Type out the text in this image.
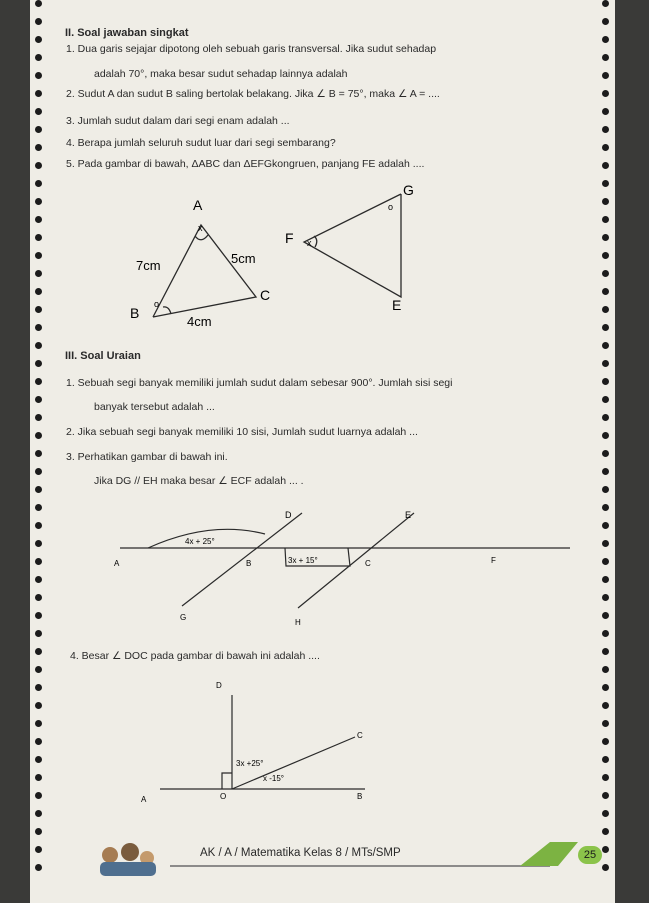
II. Soal jawaban singkat
1. Dua garis sejajar dipotong oleh sebuah garis transversal. Jika sudut sehadap
adalah 70°, maka besar sudut sehadap lainnya adalah
2. Sudut A dan sudut B saling bertolak belakang. Jika ∠ B = 75°, maka ∠ A = ....
3. Jumlah sudut dalam dari segi enam adalah ...
4. Berapa jumlah seluruh sudut luar dari segi sembarang?
5. Pada gambar di bawah, ΔABC dan ΔEFGkongruen, panjang FE adalah ....
A
x
B
o
C
7cm	5cm
4cm
G
o
F x
E
III. Soal Uraian
1. Sebuah segi banyak memiliki jumlah sudut dalam sebesar 900°. Jumlah sisi segi
banyak tersebut adalah ...
2. Jika sebuah segi banyak memiliki 10 sisi, Jumlah sudut luarnya adalah ...
3. Perhatikan gambar di bawah ini.
Jika DG // EH maka besar ∠ ECF adalah ... .
D	E
4x + 25°
A	B	3x + 15°	C	F
G
H
4. Besar ∠ DOC pada gambar di bawah ini adalah ....
D
C
3x +25°
x -15°
A	O	B
AK / A / Matematika Kelas 8 / MTs/SMP	25
